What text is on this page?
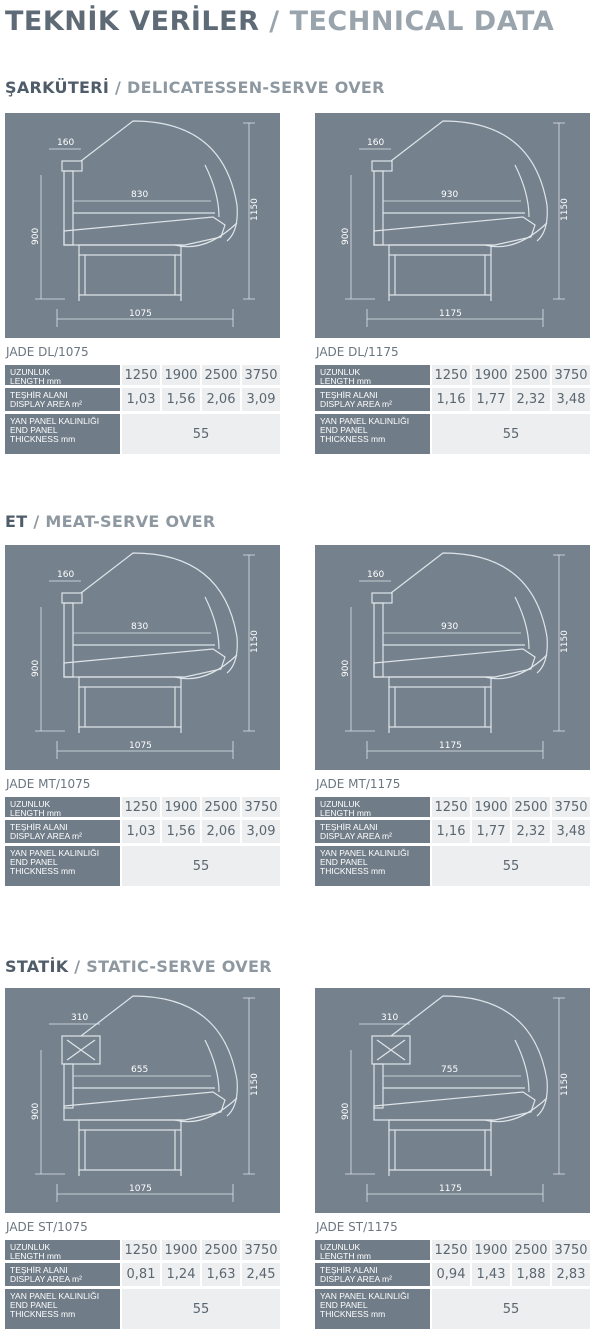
TEKNİK VERİLER / TECHNICAL DATA
ŞARKÜTERİ / DELICATESSEN-SERVE OVER
160
830
900
1150
1075
JADE DL/1075
UZUNLUK
LENGTH mm	1250 1900 2500 3750
TEŞHİR ALANI
DISPLAY AREA m²	1,03 1,56 2,06 3,09
YAN PANEL KALINLIĞI
END PANEL
THICKNESS mm	55
160
930
900
1150
1175
JADE DL/1175
UZUNLUK
LENGTH mm	1250 1900 2500 3750
TEŞHİR ALANI
DISPLAY AREA m²	1,16 1,77 2,32 3,48
YAN PANEL KALINLIĞI
END PANEL
THICKNESS mm	55
ET / MEAT-SERVE OVER
160
830
900
1150
1075
JADE MT/1075
UZUNLUK
LENGTH mm	1250 1900 2500 3750
TEŞHİR ALANI
DISPLAY AREA m²	1,03 1,56 2,06 3,09
YAN PANEL KALINLIĞI
END PANEL
THICKNESS mm	55
160
930
900
1150
1175
JADE MT/1175
UZUNLUK
LENGTH mm	1250 1900 2500 3750
TEŞHİR ALANI
DISPLAY AREA m²	1,16 1,77 2,32 3,48
YAN PANEL KALINLIĞI
END PANEL
THICKNESS mm	55
STATİK / STATIC-SERVE OVER
310
655
900
1150
1075
JADE ST/1075
UZUNLUK
LENGTH mm	1250 1900 2500 3750
TEŞHİR ALANI
DISPLAY AREA m²	0,81 1,24 1,63 2,45
YAN PANEL KALINLIĞI
END PANEL
THICKNESS mm	55
310
755
900
1150
1175
JADE ST/1175
UZUNLUK
LENGTH mm	1250 1900 2500 3750
TEŞHİR ALANI
DISPLAY AREA m²	0,94 1,43 1,88 2,83
YAN PANEL KALINLIĞI
END PANEL
THICKNESS mm	55
